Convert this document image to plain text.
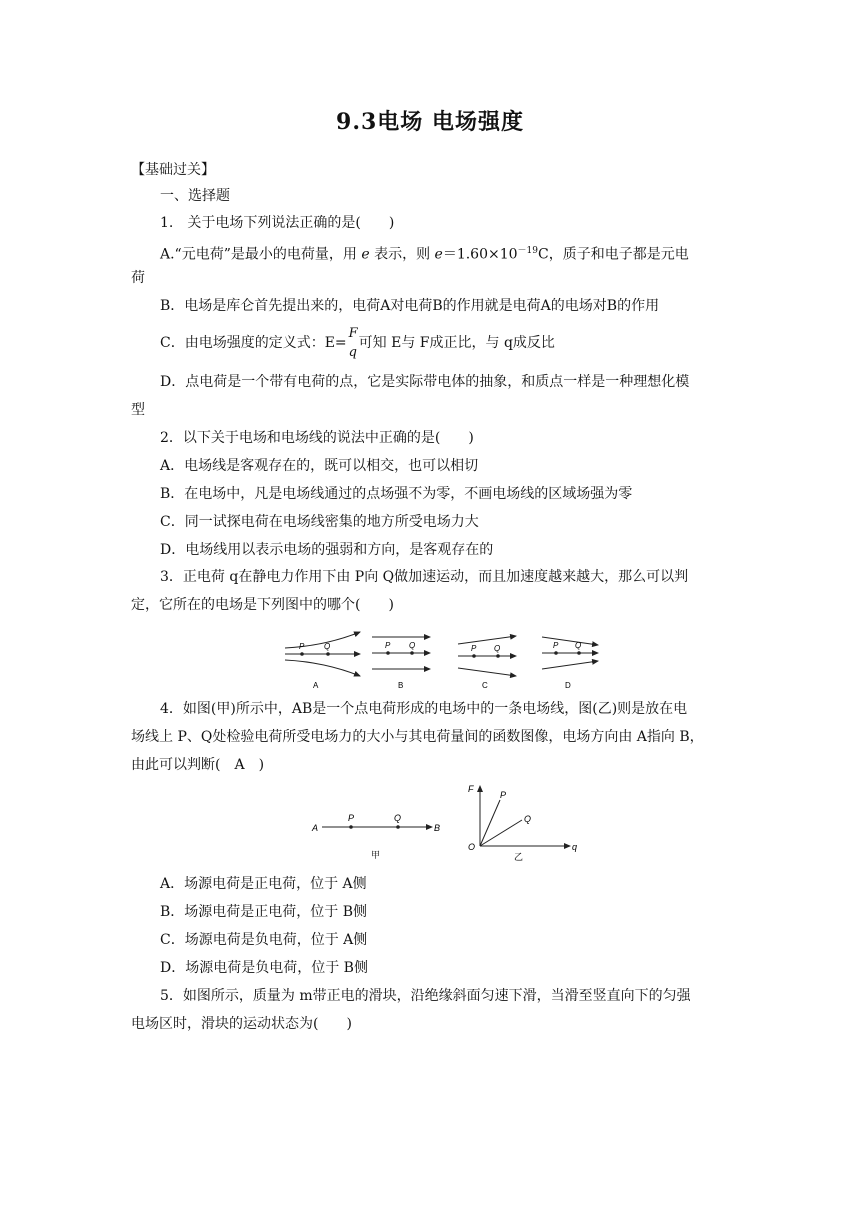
9.3电场 电场强度
【基础过关】
一、选择题
1.　关于电场下列说法正确的是(　　)
A.“元电荷”是最小的电荷量，用 e 表示，则 $e=1.60\times 10^{-19}C$，质子和电子都是元电
荷
B．电场是库仑首先提出来的，电荷A对电荷B的作用就是电荷A的电场对B的作用
C．由电场强度的定义式：E=
F
q
可知 E与 F成正比，与 q成反比
D．点电荷是一个带有电荷的点，它是实际带电体的抽象，和质点一样是一种理想化模
型
2．以下关于电场和电场线的说法中正确的是(　　)
A．电场线是客观存在的，既可以相交，也可以相切
B．在电场中，凡是电场线通过的点场强不为零，不画电场线的区域场强为零
C．同一试探电荷在电场线密集的地方所受电场力大
D．电场线用以表示电场的强弱和方向，是客观存在的
3．正电荷 q在静电力作用下由 P向 Q做加速运动，而且加速度越来越大，那么可以判
定，它所在的电场是下列图中的哪个(　　)
P Q
A
P Q
B
P Q
C
P Q
D
4．如图(甲)所示中，AB是一个点电荷形成的电场中的一条电场线，图(乙)则是放在电
场线上 P、Q处检验电荷所受电场力的大小与其电荷量间的函数图像，电场方向由 A指向 B，
由此可以判断(　A　)
A
P	Q
B
甲
F
P
Q
O	q
乙
A．场源电荷是正电荷，位于 A侧
B．场源电荷是正电荷，位于 B侧
C．场源电荷是负电荷，位于 A侧
D．场源电荷是负电荷，位于 B侧
5．如图所示，质量为 m带正电的滑块，沿绝缘斜面匀速下滑，当滑至竖直向下的匀强
电场区时，滑块的运动状态为(　　)
